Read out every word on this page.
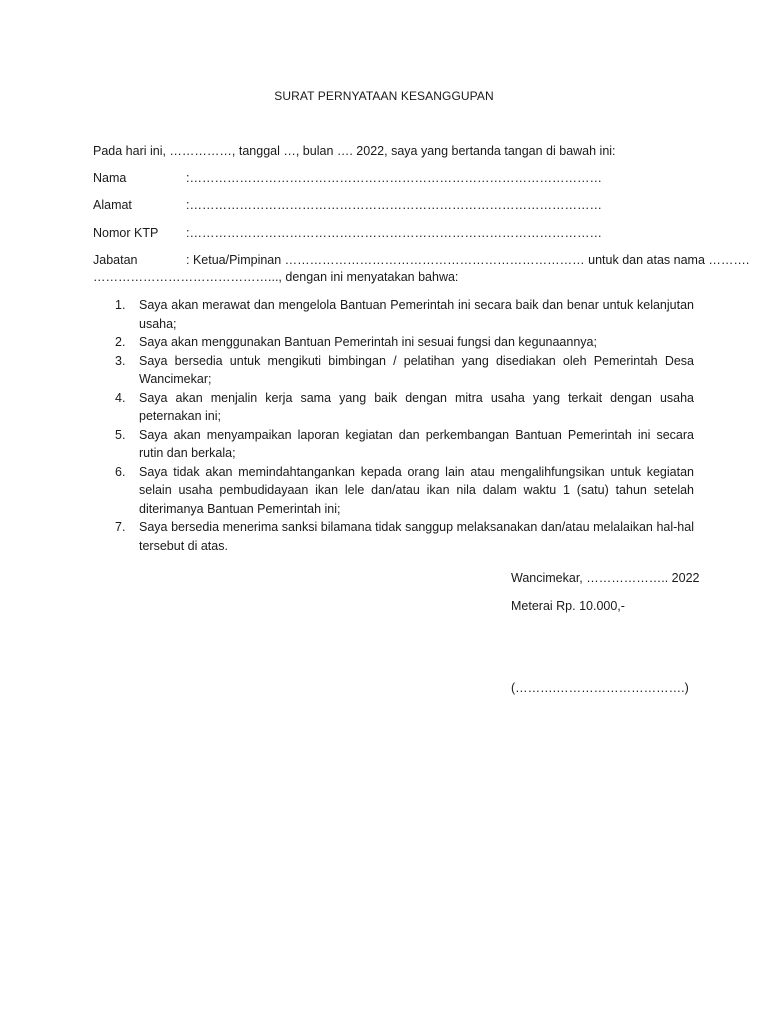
SURAT PERNYATAAN KESANGGUPAN
Pada hari ini, ……………, tanggal …, bulan …. 2022, saya yang bertanda tangan di bawah ini:
Nama	:………………………………………………………………………………………
Alamat	:………………………………………………………………………………………
Nomor KTP :………………………………………………………………………………………
Jabatan	: Ketua/Pimpinan ……………………………………………………………… untuk dan atas nama ……….
……………………………………..., dengan ini menyatakan bahwa:
1. Saya akan merawat dan mengelola Bantuan Pemerintah ini secara baik dan benar untuk kelanjutan usaha;
2. Saya akan menggunakan Bantuan Pemerintah ini sesuai fungsi dan kegunaannya;
3. Saya bersedia untuk mengikuti bimbingan / pelatihan yang disediakan oleh Pemerintah Desa Wancimekar;
4. Saya akan menjalin kerja sama yang baik dengan mitra usaha yang terkait dengan usaha peternakan ini;
5. Saya akan menyampaikan laporan kegiatan dan perkembangan Bantuan Pemerintah ini secara rutin dan berkala;
6. Saya tidak akan memindahtangankan kepada orang lain atau mengalihfungsikan untuk kegiatan selain usaha pembudidayaan ikan lele dan/atau ikan nila dalam waktu 1 (satu) tahun setelah diterimanya Bantuan Pemerintah ini;
7. Saya bersedia menerima sanksi bilamana tidak sanggup melaksanakan dan/atau melalaikan hal-hal tersebut di atas.
Wancimekar, ……………….. 2022
Meterai Rp. 10.000,-
(……….………………………….)
